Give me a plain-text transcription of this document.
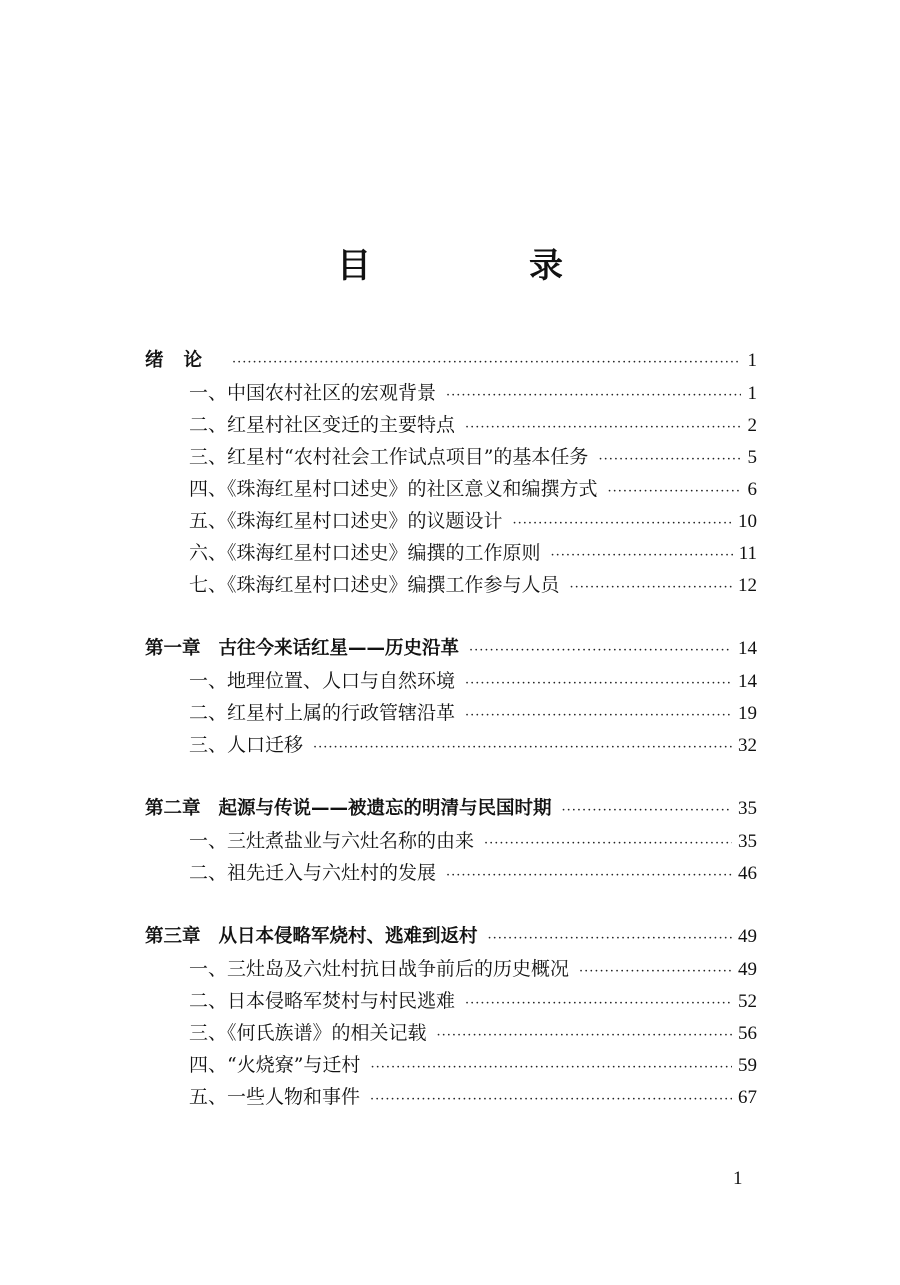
目　录
绪论 ·····	1
一、中国农村社区的宏观背景 ·····	1
二、红星村社区变迁的主要特点 ·····	2
三、红星村“农村社会工作试点项目”的基本任务 ·····	5
四、《珠海红星村口述史》的社区意义和编撰方式 ·····	6
五、《珠海红星村口述史》的议题设计 ·····	10
六、《珠海红星村口述史》编撰的工作原则 ·····	11
七、《珠海红星村口述史》编撰工作参与人员 ·····	12
第一章 古往今来话红星——历史沿革 ·····	14
一、地理位置、人口与自然环境 ·····	14
二、红星村上属的行政管辖沿革 ·····	19
三、人口迁移 ·····	32
第二章 起源与传说——被遗忘的明清与民国时期 ·····	35
一、三灶煮盐业与六灶名称的由来 ·····	35
二、祖先迁入与六灶村的发展 ·····	46
第三章 从日本侵略军烧村、逃难到返村 ·····	49
一、三灶岛及六灶村抗日战争前后的历史概况 ·····	49
二、日本侵略军焚村与村民逃难 ·····	52
三、《何氏族谱》的相关记载 ·····	56
四、“火烧寮”与迁村 ·····	59
五、一些人物和事件 ·····	67
1
